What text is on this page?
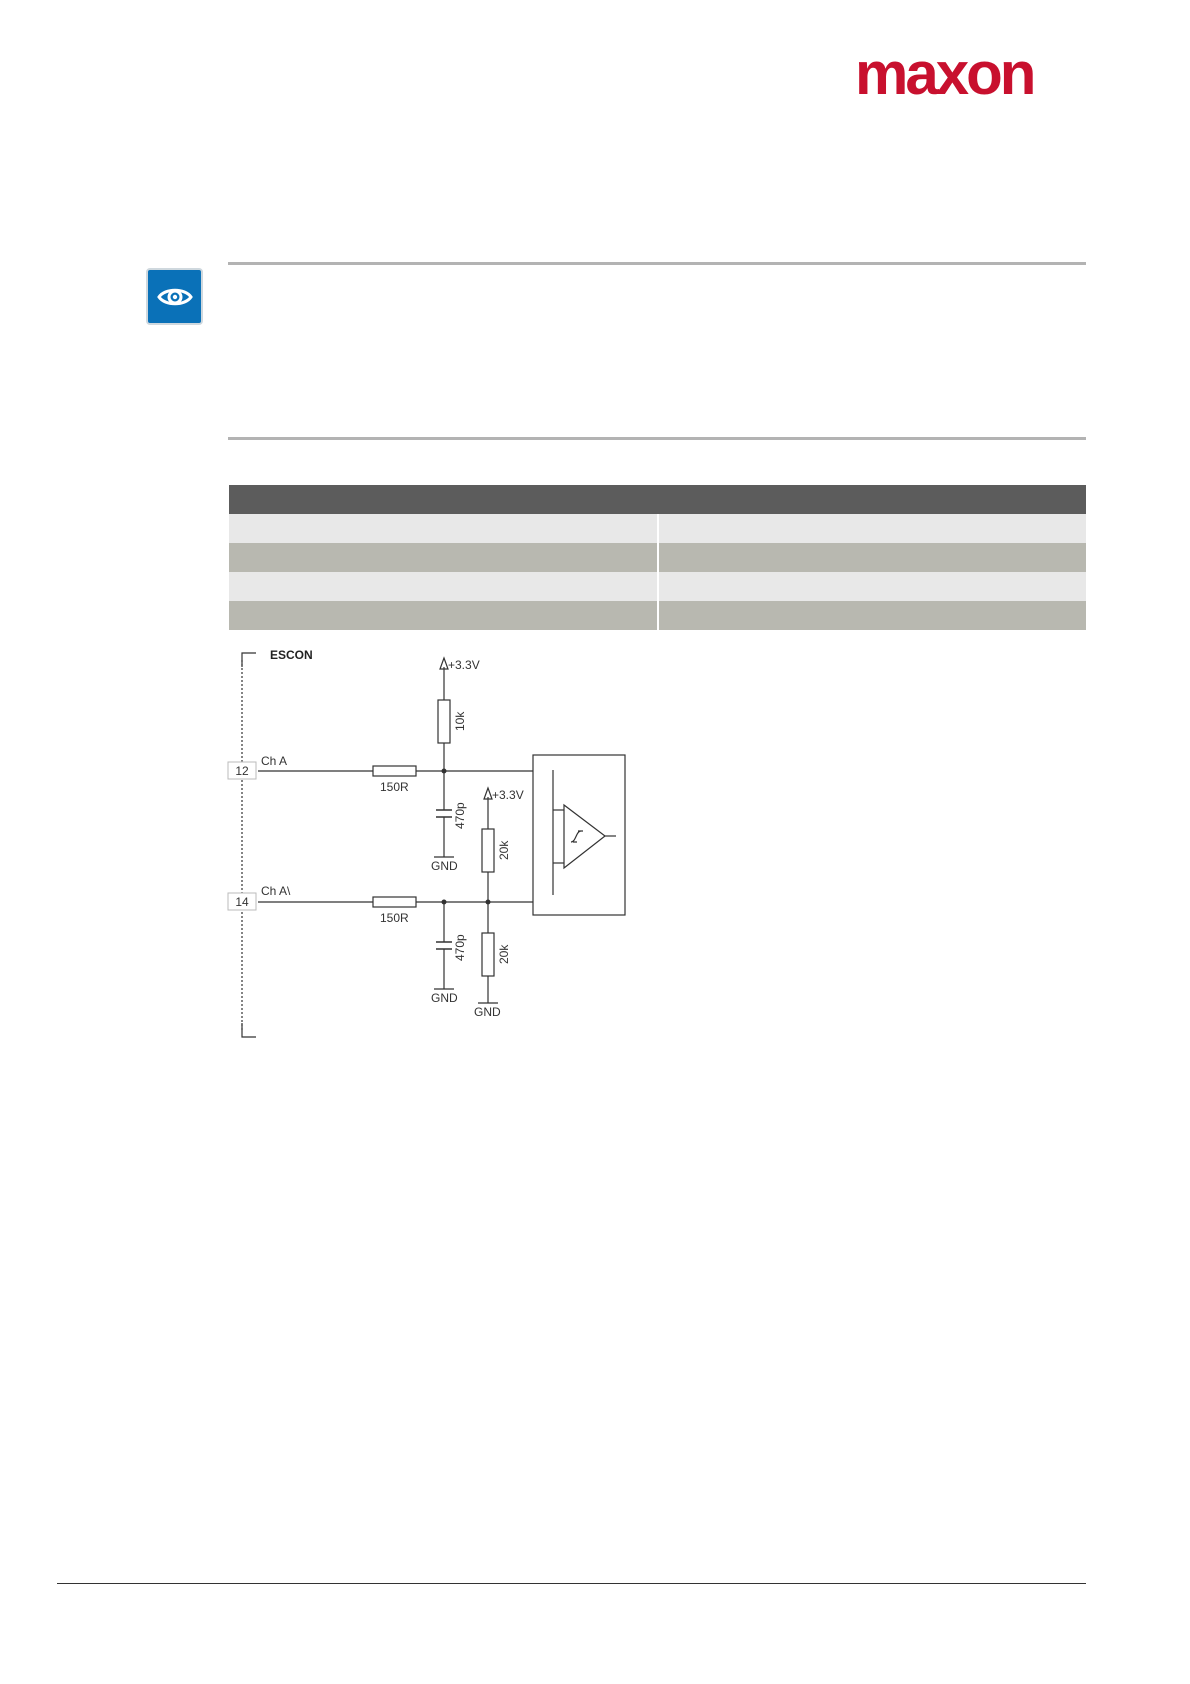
maxon
ESCON
12
14
Ch A
Ch A\
150R
150R
+3.3V
+3.3V
GND
GND
GND
10k
470p
470p
20k
20k
